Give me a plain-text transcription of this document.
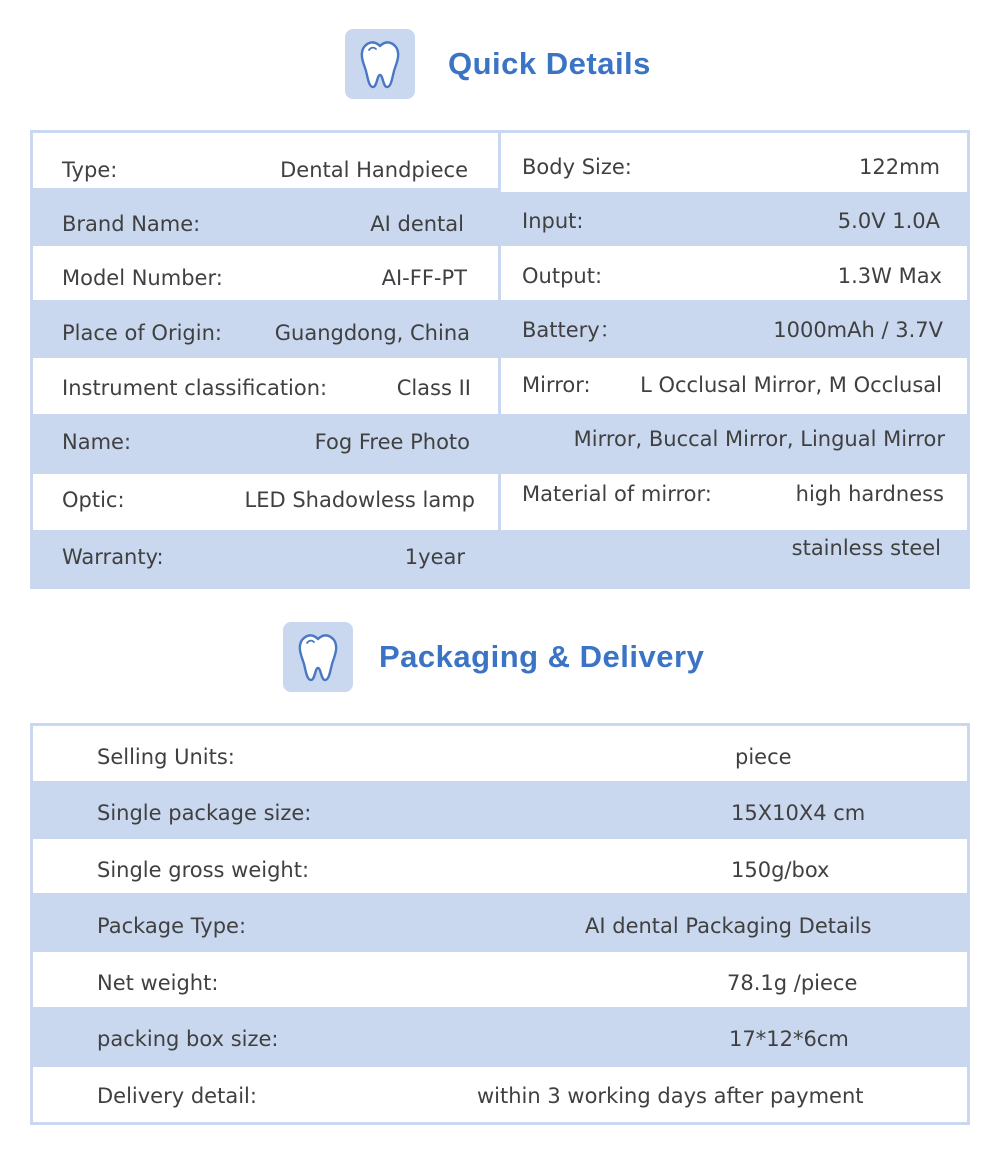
Quick Details
Type:	Dental Handpiece
Brand Name:	AI dental
Model Number:	AI-FF-PT
Place of Origin:	Guangdong, China
Instrument classification:	Class II
Name:	Fog Free Photo
Optic:	LED Shadowless lamp
Warranty:	1year
Body Size:	122mm
Input:	5.0V 1.0A
Output:	1.3W Max
Battery：	1000mAh / 3.7V
Mirror: L Occlusal Mirror, M Occlusal
Mirror, Buccal Mirror, Lingual Mirror
Material of mirror:	high hardness
stainless steel
Packaging & Delivery
Selling Units:	piece
Single package size:	15X10X4 cm
Single gross weight:	150g/box
Package Type:	AI dental Packaging Details
Net weight:	78.1g /piece
packing box size:	17*12*6cm
Delivery detail:	within 3 working days after payment
